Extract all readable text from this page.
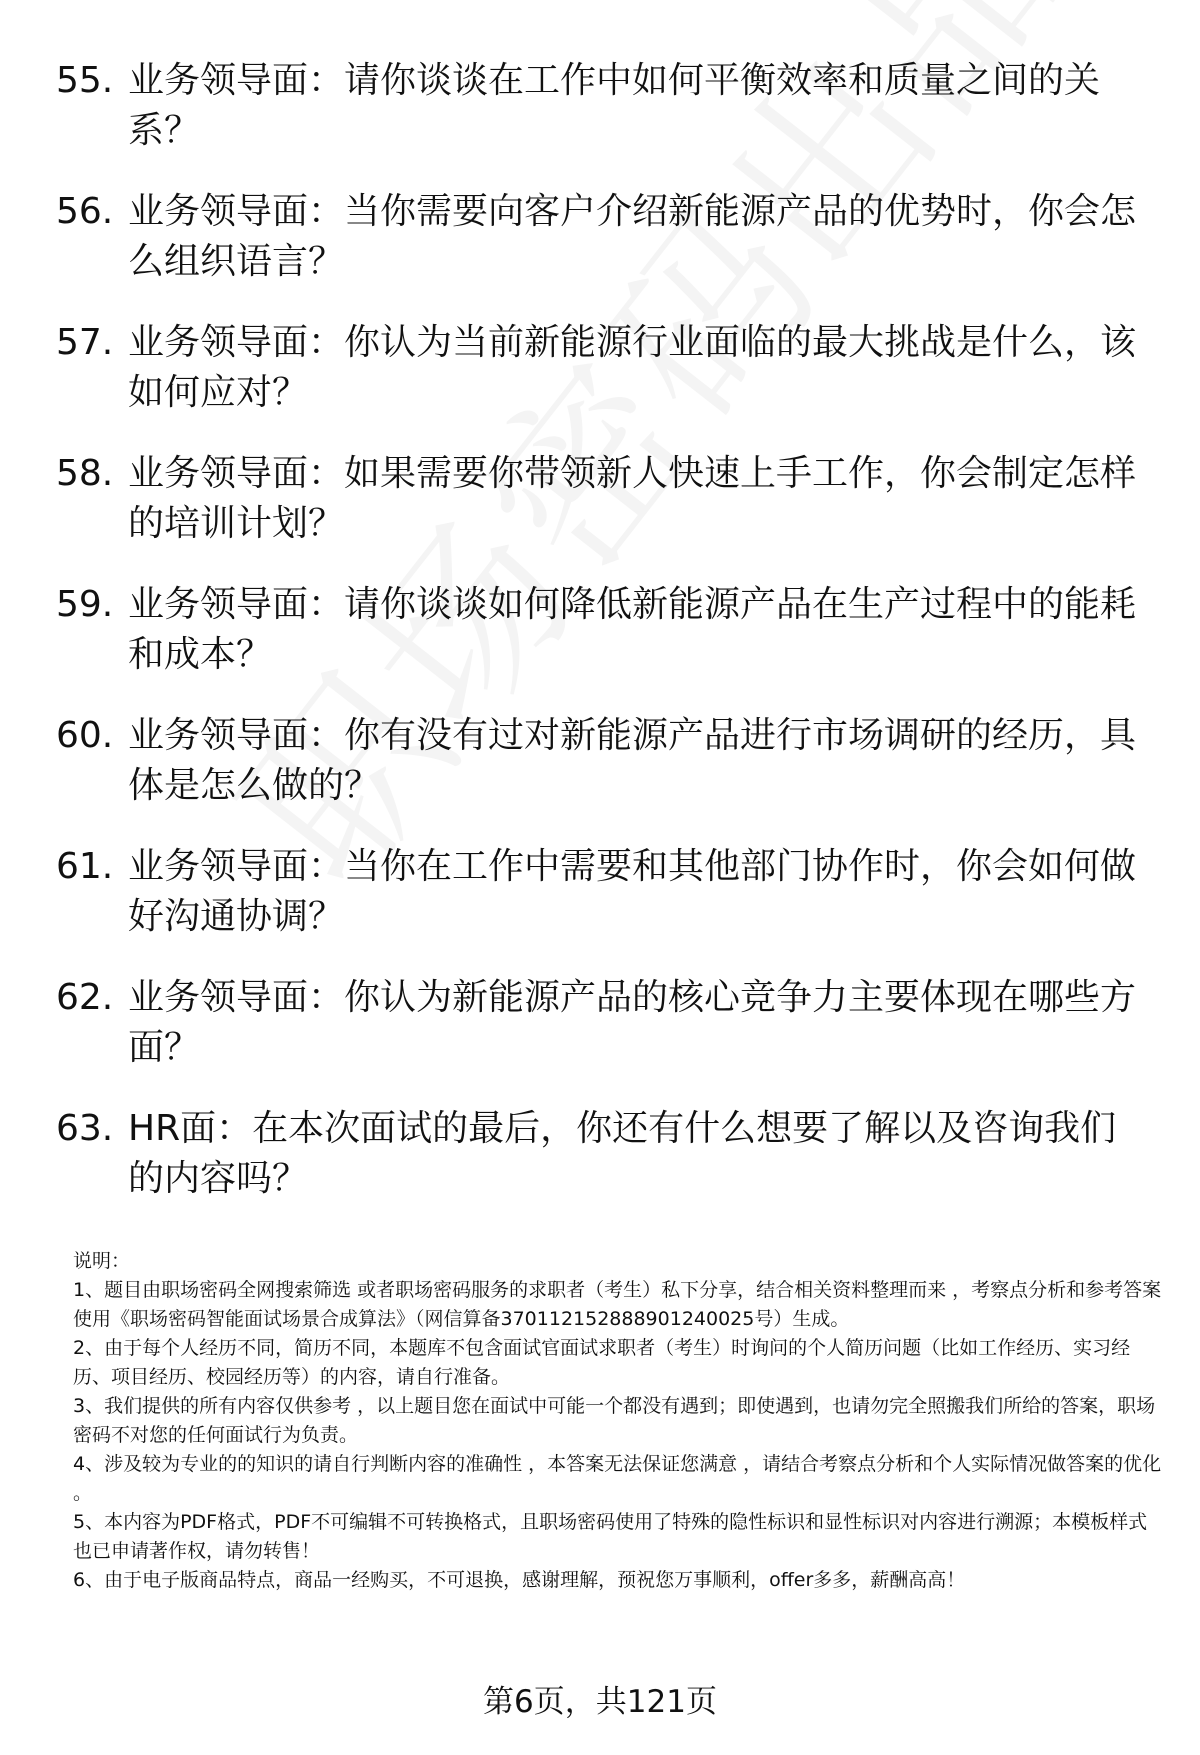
55. 业务领导面：请你谈谈在工作中如何平衡效率和质量之间的关系？
56. 业务领导面：当你需要向客户介绍新能源产品的优势时，你会怎么组织语言？
57. 业务领导面：你认为当前新能源行业面临的最大挑战是什么，该如何应对？
58. 业务领导面：如果需要你带领新人快速上手工作，你会制定怎样的培训计划？
59. 业务领导面：请你谈谈如何降低新能源产品在生产过程中的能耗和成本？
60. 业务领导面：你有没有过对新能源产品进行市场调研的经历，具体是怎么做的？
61. 业务领导面：当你在工作中需要和其他部门协作时，你会如何做好沟通协调？
62. 业务领导面：你认为新能源产品的核心竞争力主要体现在哪些方面？
63. HR面：在本次面试的最后，你还有什么想要了解以及咨询我们的内容吗？

说明：

1、题目由职场密码全网搜索筛选 或者职场密码服务的求职者（考生）私下分享，结合相关资料整理而来 ，考察点分析和参考答案使用《职场密码智能面试场景合成算法》（网信算备370112152888901240025号）生成。

2、由于每个人经历不同，简历不同，本题库不包含面试官面试求职者（考生）时询问的个人简历问题（比如工作经历、实习经历、项目经历、校园经历等）的内容，请自行准备。

3、我们提供的所有内容仅供参考 ，以上题目您在面试中可能一个都没有遇到；即使遇到，也请勿完全照搬我们所给的答案，职场密码不对您的任何面试行为负责。

4、涉及较为专业的的知识的请自行判断内容的准确性 ，本答案无法保证您满意 ，请结合考察点分析和个人实际情况做答案的优化 。

5、本内容为PDF格式，PDF不可编辑不可转换格式，且职场密码使用了特殊的隐性标识和显性标识对内容进行溯源；本模板样式也已申请著作权，请勿转售！

6、由于电子版商品特点，商品一经购买，不可退换，感谢理解，预祝您万事顺利，offer多多，薪酬高高！

第6页，共121页
